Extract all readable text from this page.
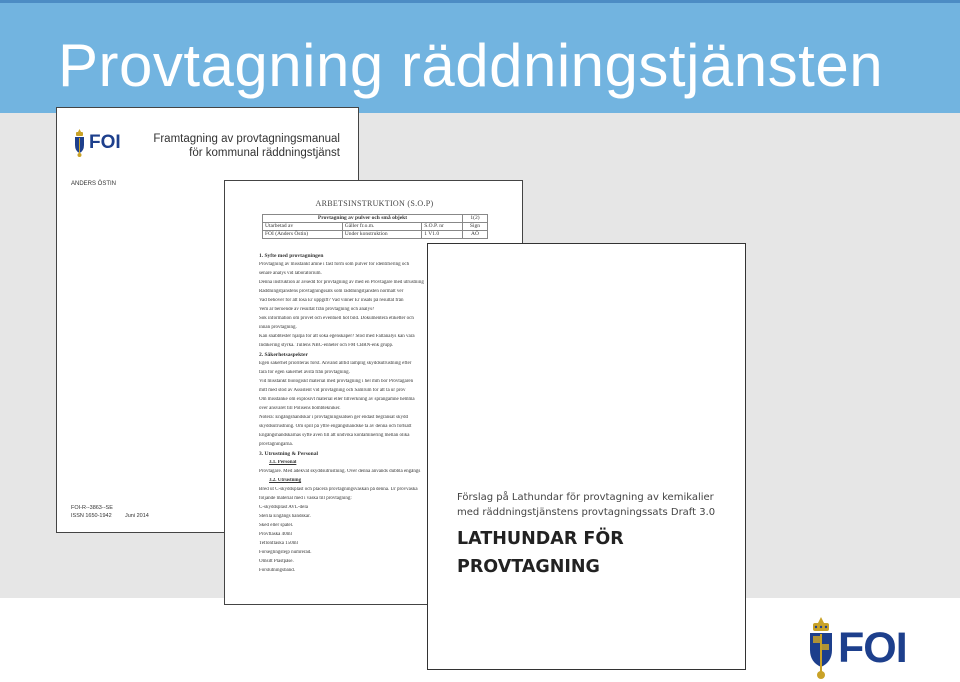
Provtagning räddningstjänsten
FOI	Framtagning av provtagningsmanual
för kommunal räddningstjänst
ANDERS ÖSTIN
FOI-R--3863--SE
ISSN 1650-1942 Juni 2014
ARBETSINSTRUKTION (S.O.P)
Provtagning av pulver och små objekt			1(2)
Utarbetad av	Gäller fr.o.m.	S.O.P. nr	Sign
FOI (Anders Östin)	Under konstruktion	1 V1.0	AÖ

1. Syfte med provtagningen

Provtagning av misstänkt ämne i fast form som pulver för identifiering och

senare analys vid laboratorium.

Denna instruktion är avsedd för provtagning av med en Provtagare med utrustning

Räddningstjänstens provtagningssats som räddningstjänsten normalt ver

Vad behöver för att lösa Er uppgift? Vad vinner Er insats på resultat från

Vem är beroende av resultat från provtagning och analys?

Sök information om provet och eventuell hot bild. Dokumentera etiketter och

innan provtagning.

Kan snabbtester hjälpa för att söka egenskaper? Stöd med Fältanalys kan vara

Indikering styrka. Tullens NBC-enheter och FM CBRN-enk grupp.

2. Säkerhetsaspekter

Egen säkerhet prioriteras först. Använd alltid lämplig skyddsutrustning efter

fara för egen säkerhet avstå från provtagning.

Vid misstänkt biologiskt material med provtagning i hel mm bör Provtagaren

mitt med stöd av Assistent vid provtagning och Samrum för att ta ur prov

Om misstanke om explosivt material eller tillverkning av sprängämne hemma

över ansvaret till Polisens bombtekniker.

Notera: Engångshandskar i provtagningssatsen ger endast begränsat skydd

skyddsutrustning. Om spill på yttre engångshandske ta av denna och fortsätt

Engångshandskarnas syfte även till att undvika kontaminering mellan olika

provtagningarna.

3. Utrustning & Personal

3.1. Personal

Provtagare. Med adekvat skyddsutrustning. Över denna används dubbla engångs

3.2. Utrustning

Bred ut C-skyddsplast och placera provtagningsväskan på denna. Ur provväska

följande material med i väska till provtagning:

C-skyddsplast AVL-dela

Sterila Engångs handskar.

Sked eller spatel.

Provflaska 40ml

Teflonflaska 150ml

Förseglingstejp numrerad.

Omsitt Plastpåse.

Förslutningsband.

Förslag på Lathundar för provtagning av kemikalier
med räddningstjänstens provtagningssats Draft 3.0
LATHUNDAR FÖR
PROVTAGNING
FOI
